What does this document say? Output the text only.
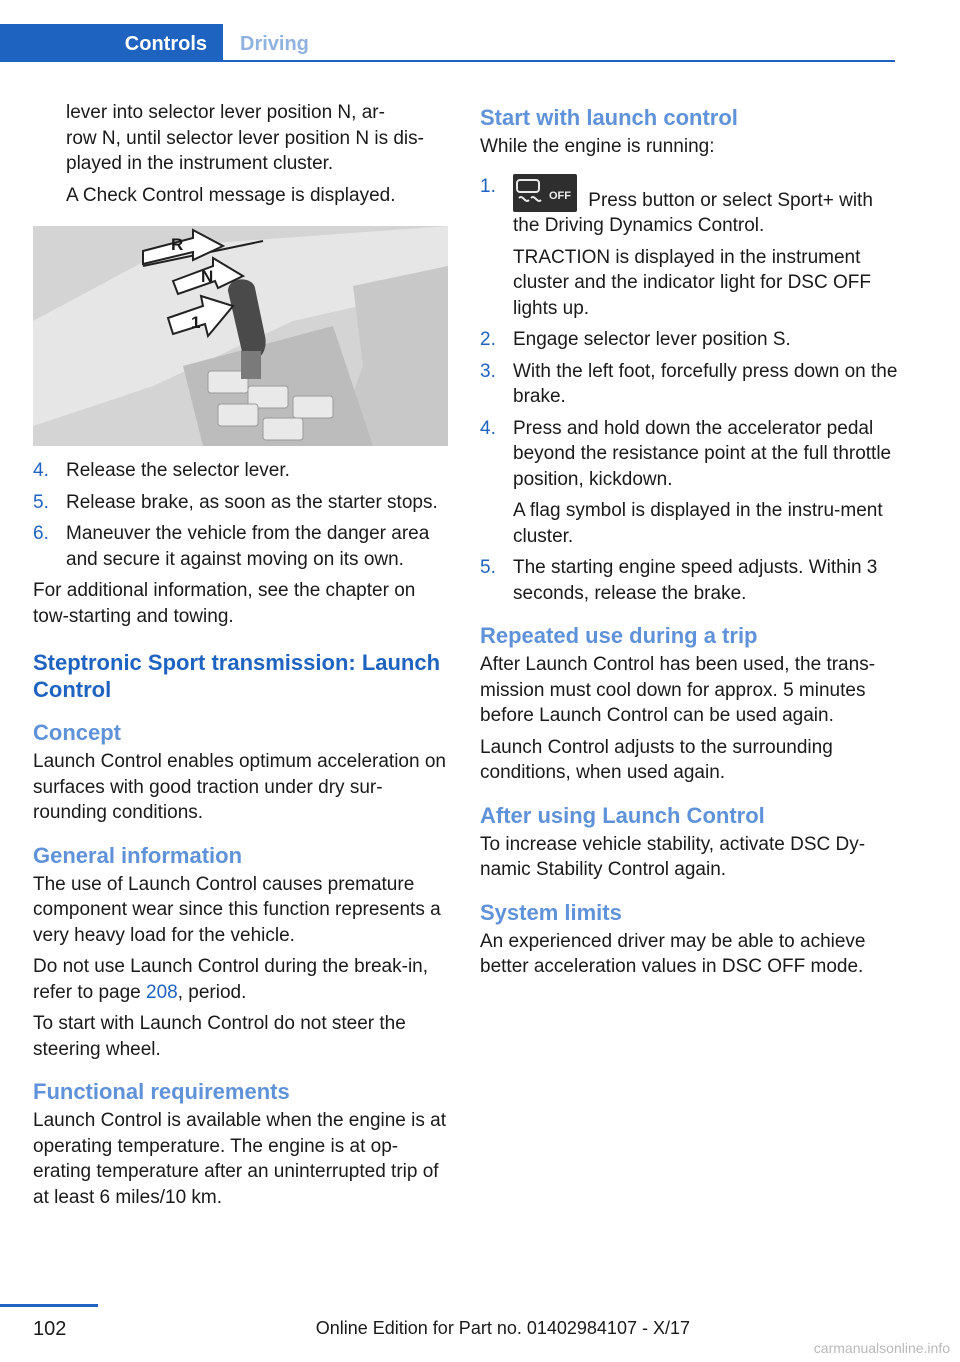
Controls	Driving

lever into selector lever position N, ar-
row N, until selector lever position N is dis-
played in the instrument cluster.

A Check Control message is displayed.

R
N
1
4. Release the selector lever.
5. Release brake, as soon as the starter stops.
6. Maneuver the vehicle from the danger area and secure it against moving on its own.

For additional information, see the chapter on tow-starting and towing.

Steptronic Sport transmission: Launch Control
Concept

Launch Control enables optimum acceleration on surfaces with good traction under dry sur-rounding conditions.

General information

The use of Launch Control causes premature component wear since this function represents a very heavy load for the vehicle.

Do not use Launch Control during the break-in, refer to page 208, period.

To start with Launch Control do not steer the steering wheel.

Functional requirements

Launch Control is available when the engine is at operating temperature. The engine is at op-erating temperature after an uninterrupted trip of at least 6 miles/10 km.

Start with launch control

While the engine is running:

1.	OFF Press button or select Sport+ with the Driving Dynamics Control.
TRACTION is displayed in the instrument cluster and the indicator light for DSC OFF lights up.
2. Engage selector lever position S.
3. With the left foot, forcefully press down on the brake.
4. Press and hold down the accelerator pedal beyond the resistance point at the full throttle position, kickdown.
A flag symbol is displayed in the instru-ment cluster.
5. The starting engine speed adjusts. Within 3 seconds, release the brake.
Repeated use during a trip

After Launch Control has been used, the trans-mission must cool down for approx. 5 minutes before Launch Control can be used again.

Launch Control adjusts to the surrounding conditions, when used again.

After using Launch Control

To increase vehicle stability, activate DSC Dy-namic Stability Control again.

System limits

An experienced driver may be able to achieve better acceleration values in DSC OFF mode.

102	Online Edition for Part no. 01402984107 - X/17
carmanualsonline.info
